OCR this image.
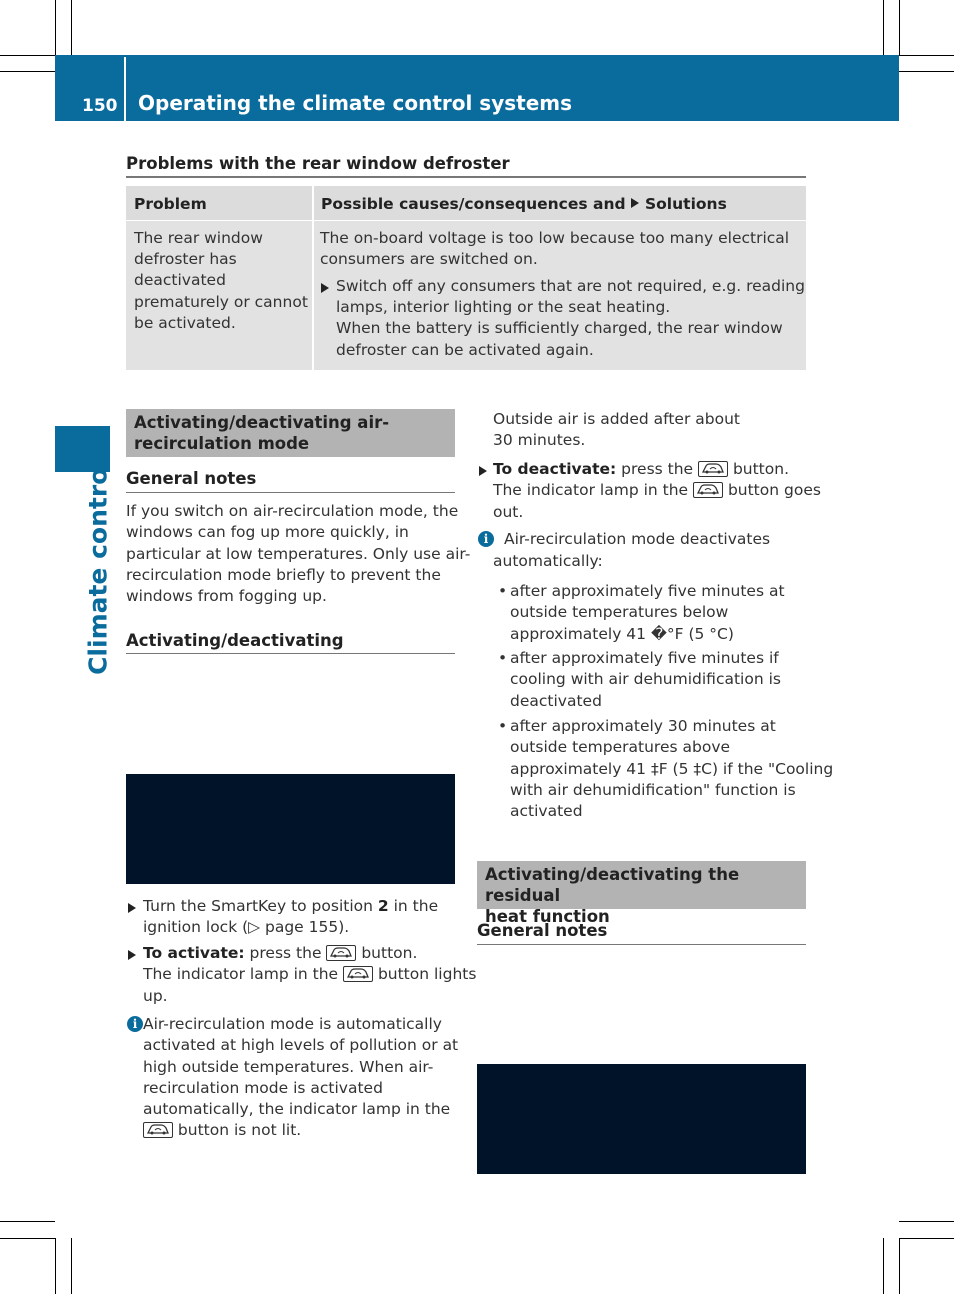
150 Operating the climate control systems
Climate control
Problems with the rear window defroster
Problem	Possible causes/consequences and Solutions
The rear window
defroster has
deactivated
prematurely or cannot
be activated.
The on-board voltage is too low because too many electrical
consumers are switched on.
Switch off any consumers that are not required, e.g. reading
lamps, interior lighting or the seat heating.
When the battery is sufficiently charged, the rear window
defroster can be activated again.
Activating/deactivating air-
recirculation mode
General notes
If you switch on air-recirculation mode, the
windows can fog up more quickly, in
particular at low temperatures. Only use air-
recirculation mode briefly to prevent the
windows from fogging up.
Activating/deactivating

Turn the SmartKey to position 2 in the

ignition lock (▷ page 155).

To activate: press the
button.

The indicator lamp in the
button lights

up.

i Air-recirculation mode is automatically
activated at high levels of pollution or at
high outside temperatures. When air-
recirculation mode is activated
automatically, the indicator lamp in the

button is not lit.

Outside air is added after about
30 minutes.

To deactivate: press the
button.

The indicator lamp in the
button goes

out.

i	Air-recirculation mode deactivates

automatically:

• after approximately five minutes at
outside temperatures below
approximately 41 �°F (5 °C)
• after approximately five minutes if
cooling with air dehumidification is
deactivated
• after approximately 30 minutes at
outside temperatures above
approximately 41 ‡F (5 ‡C) if the "Cooling
with air dehumidification" function is
activated
Activating/deactivating the residual
heat function
General notes
